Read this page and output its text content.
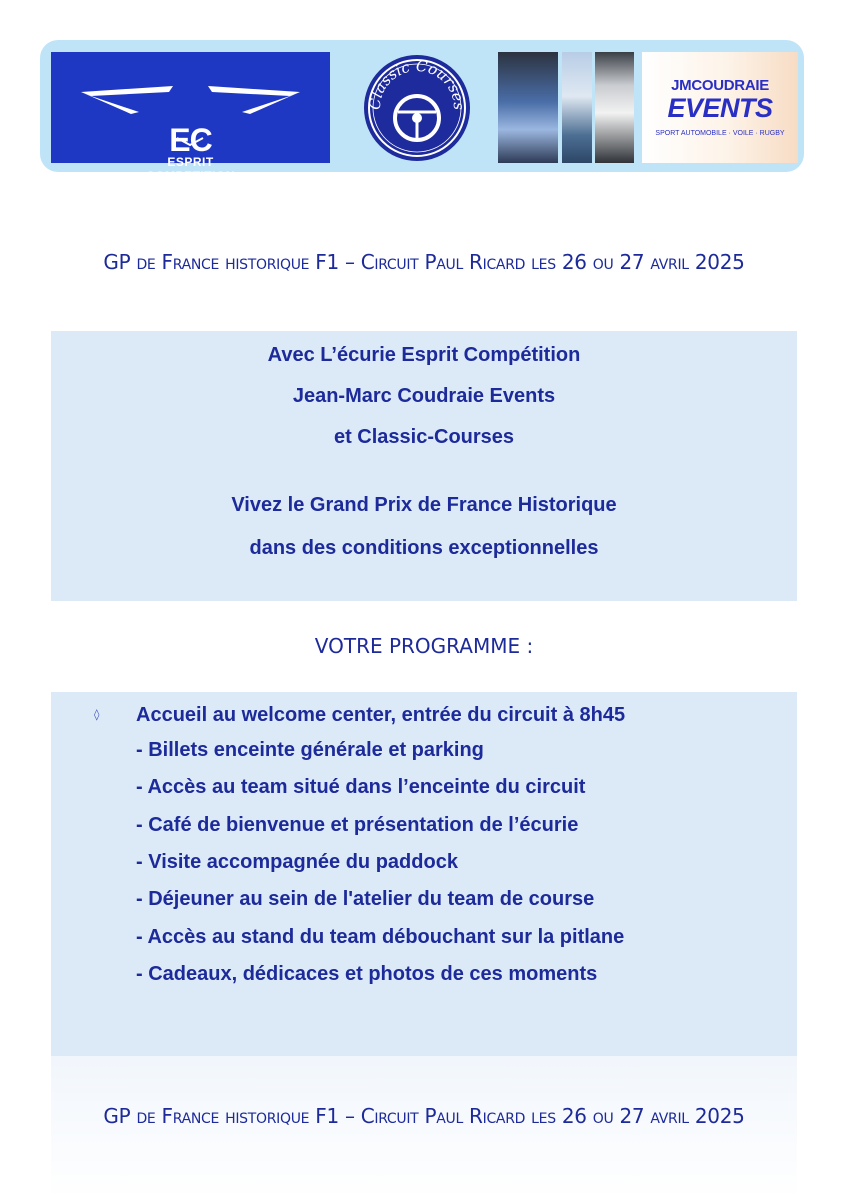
EC
ESPRIT
COMPETITION
Classic Courses
JMCOUDRAIE
EVENTS
SPORT AUTOMOBILE · VOILE · RUGBY
GP de France historique F1 – Circuit Paul Ricard les 26 ou 27 avril 2025
Avec L’écurie Esprit Compétition
Jean-Marc Coudraie Events
et Classic-Courses
Vivez le Grand Prix de France Historique
dans des conditions exceptionnelles
VOTRE PROGRAMME :
◊ Accueil au welcome center, entrée du circuit à 8h45
- Billets enceinte générale et parking
- Accès au team situé dans l’enceinte du circuit
- Café de bienvenue et présentation de l’écurie
- Visite accompagnée du paddock
- Déjeuner au sein de l'atelier du team de course
- Accès au stand du team débouchant sur la pitlane
- Cadeaux, dédicaces et photos de ces moments
GP de France historique F1 – Circuit Paul Ricard les 26 ou 27 avril 2025
